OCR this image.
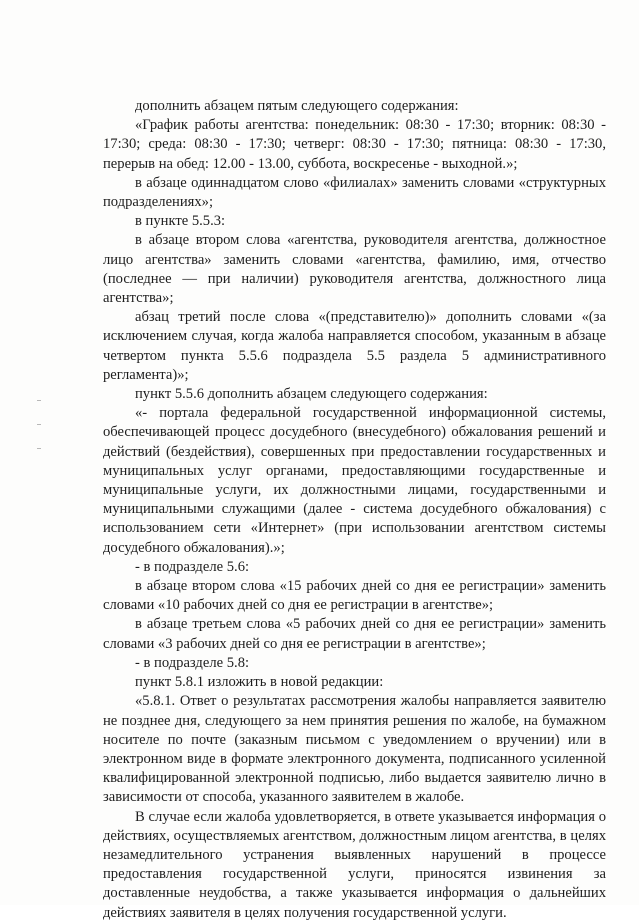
дополнить абзацем пятым следующего содержания:

«График работы агентства: понедельник: 08:30 - 17:30; вторник: 08:30 - 17:30; среда: 08:30 - 17:30; четверг: 08:30 - 17:30; пятница: 08:30 - 17:30, перерыв на обед: 12.00 - 13.00, суббота, воскресенье - выходной.»;

в абзаце одиннадцатом слово «филиалах» заменить словами «структурных подразделениях»;

в пункте 5.5.3:

в абзаце втором слова «агентства, руководителя агентства, должностное лицо агентства» заменить словами «агентства, фамилию, имя, отчество (последнее — при наличии) руководителя агентства, должностного лица агентства»;

абзац третий после слова «(представителю)» дополнить словами «(за исключением случая, когда жалоба направляется способом, указанным в абзаце четвертом пункта 5.5.6 подраздела 5.5 раздела 5 административного регламента)»;

пункт 5.5.6 дополнить абзацем следующего содержания:

«- портала федеральной государственной информационной системы, обеспечивающей процесс досудебного (внесудебного) обжалования решений и действий (бездействия), совершенных при предоставлении государственных и муниципальных услуг органами, предоставляющими государственные и муниципальные услуги, их должностными лицами, государственными и муниципальными служащими (далее - система досудебного обжалования) с использованием сети «Интернет» (при использовании агентством системы досудебного обжалования).»;

- в подразделе 5.6:

в абзаце втором слова «15 рабочих дней со дня ее регистрации» заменить словами «10 рабочих дней со дня ее регистрации в агентстве»;

в абзаце третьем слова «5 рабочих дней со дня ее регистрации» заменить словами «3 рабочих дней со дня ее регистрации в агентстве»;

- в подразделе 5.8:

пункт 5.8.1 изложить в новой редакции:

«5.8.1. Ответ о результатах рассмотрения жалобы направляется заявителю не позднее дня, следующего за нем принятия решения по жалобе, на бумажном носителе по почте (заказным письмом с уведомлением о вручении) или в электронном виде в формате электронного документа, подписанного усиленной квалифицированной электронной подписью, либо выдается заявителю лично в зависимости от способа, указанного заявителем в жалобе.

В случае если жалоба удовлетворяется, в ответе указывается информация о действиях, осуществляемых агентством, должностным лицом агентства, в целях незамедлительного устранения выявленных нарушений в процессе предоставления государственной услуги, приносятся извинения за доставленные неудобства, а также указывается информация о дальнейших действиях заявителя в целях получения государственной услуги.
